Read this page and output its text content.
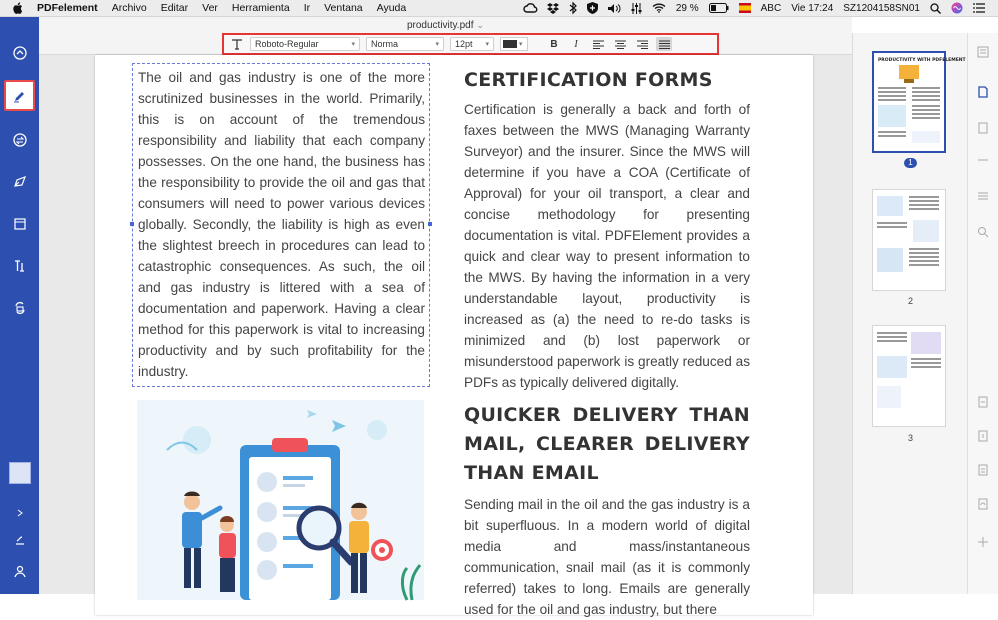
PDFelement	Archivo	Editar	Ver	Herramienta	Ir	Ventana	Ayuda	29 %	ABC Vie 17:24 SZ1204158SN01
productivity.pdf ⌄
Roboto-Regular	▾ Norma	▾ 12pt ▾	▾	B	I

The oil and gas industry is one of the more scrutinized businesses in the world. Primarily, this is on account of the tremendous responsibility and liability that each company possesses. On the one hand, the business has the responsibility to provide the oil and gas that consumers will need to power various devices globally. Secondly, the liability is high as even the slightest breech in procedures can lead to catastrophic consequences. As such, the oil and gas industry is littered with a sea of documentation and paperwork. Having a clear method for this paperwork is vital to increasing productivity and by such profitability for the industry.

CERTIFICATION FORMS

Certification is generally a back and forth of faxes between the MWS (Managing Warranty Surveyor) and the insurer. Since the MWS will determine if you have a COA (Certificate of Approval) for your oil transport, a clear and concise methodology for presenting documentation is vital. PDFElement provides a quick and clear way to present information to the MWS. By having the information in a very understandable layout, productivity is increased as (a) the need to re-do tasks is minimized and (b) lost paperwork or misunderstood paperwork is greatly reduced as PDFs as typically delivered digitally.

QUICKER DELIVERY THAN MAIL, CLEARER DELIVERY THAN EMAIL

Sending mail in the oil and the gas industry is a bit superfluous. In a modern world of digital media and mass/instantaneous communication, snail mail (as it is commonly referred) takes to long. Emails are generally used for the oil and gas industry, but there

PRODUCTIVITY WITH PDFELEMENT
1
2
3
